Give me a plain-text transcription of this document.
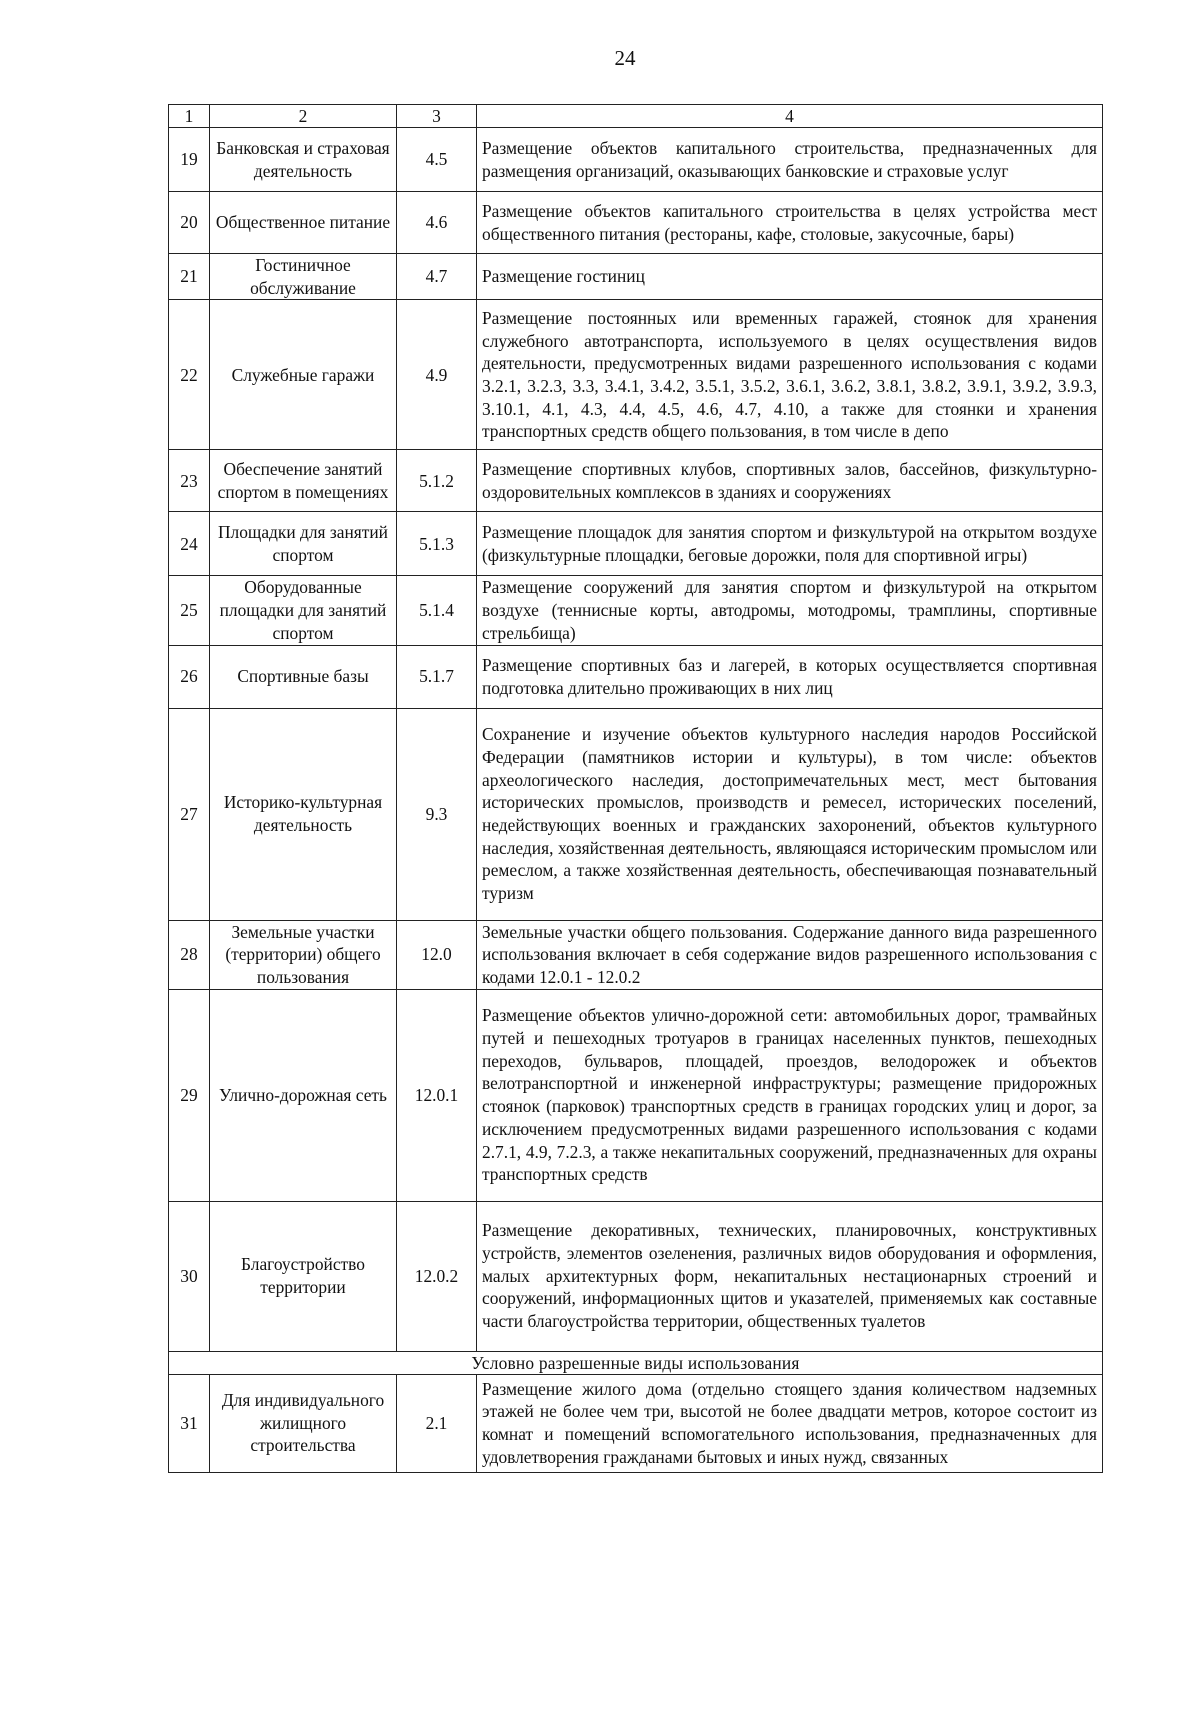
24
1	2	3	4
19	Банковская и страховая деятельность	4.5	Размещение объектов капитального строительства, предназначенных для размещения организаций, оказывающих банковские и страховые услуг
20	Общественное питание	4.6	Размещение объектов капитального строительства в целях устройства мест общественного питания (рестораны, кафе, столовые, закусочные, бары)
21	Гостиничное обслуживание	4.7	Размещение гостиниц
22	Служебные гаражи	4.9	Размещение постоянных или временных гаражей, стоянок для хранения служебного автотранспорта, используемого в целях осуществления видов деятельности, предусмотренных видами разрешенного использования с кодами 3.2.1, 3.2.3, 3.3, 3.4.1, 3.4.2, 3.5.1, 3.5.2, 3.6.1, 3.6.2, 3.8.1, 3.8.2, 3.9.1, 3.9.2, 3.9.3, 3.10.1, 4.1, 4.3, 4.4, 4.5, 4.6, 4.7, 4.10, а также для стоянки и хранения транспортных средств общего пользования, в том числе в депо
23	Обеспечение занятий спортом в помещениях	5.1.2	Размещение спортивных клубов, спортивных залов, бассейнов, физкультурно-оздоровительных комплексов в зданиях и сооружениях
24	Площадки для занятий спортом	5.1.3	Размещение площадок для занятия спортом и физкультурой на открытом воздухе (физкультурные площадки, беговые дорожки, поля для спортивной игры)
25	Оборудованные площадки для занятий спортом	5.1.4	Размещение сооружений для занятия спортом и физкультурой на открытом воздухе (теннисные корты, автодромы, мотодромы, трамплины, спортивные стрельбища)
26	Спортивные базы	5.1.7	Размещение спортивных баз и лагерей, в которых осуществляется спортивная подготовка длительно проживающих в них лиц
27	Историко-культурная деятельность	9.3	Сохранение и изучение объектов культурного наследия народов Российской Федерации (памятников истории и культуры), в том числе: объектов археологического наследия, достопримечательных мест, мест бытования исторических промыслов, производств и ремесел, исторических поселений, недействующих военных и гражданских захоронений, объектов культурного наследия, хозяйственная деятельность, являющаяся историческим промыслом или ремеслом, а также хозяйственная деятельность, обеспечивающая познавательный туризм
28	Земельные участки (территории) общего пользования	12.0	Земельные участки общего пользования. Содержание данного вида разрешенного использования включает в себя содержание видов разрешенного использования с кодами 12.0.1 - 12.0.2
29	Улично-дорожная сеть	12.0.1	Размещение объектов улично-дорожной сети: автомобильных дорог, трамвайных путей и пешеходных тротуаров в границах населенных пунктов, пешеходных переходов, бульваров, площадей, проездов, велодорожек и объектов велотранспортной и инженерной инфраструктуры; размещение придорожных стоянок (парковок) транспортных средств в границах городских улиц и дорог, за исключением предусмотренных видами разрешенного использования с кодами 2.7.1, 4.9, 7.2.3, а также некапитальных сооружений, предназначенных для охраны транспортных средств
30	Благоустройство территории	12.0.2	Размещение декоративных, технических, планировочных, конструктивных устройств, элементов озеленения, различных видов оборудования и оформления, малых архитектурных форм, некапитальных нестационарных строений и сооружений, информационных щитов и указателей, применяемых как составные части благоустройства территории, общественных туалетов
Условно разрешенные виды использования			
31	Для индивидуального жилищного строительства	2.1	Размещение жилого дома (отдельно стоящего здания количеством надземных этажей не более чем три, высотой не более двадцати метров, которое состоит из комнат и помещений вспомогательного использования, предназначенных для удовлетворения гражданами бытовых и иных нужд, связанных
